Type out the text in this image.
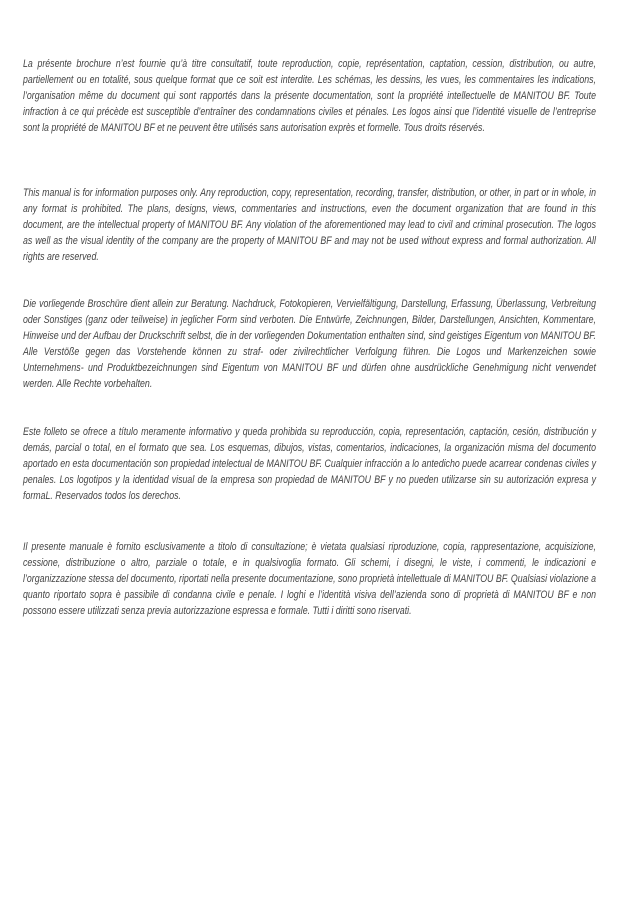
La présente brochure n’est fournie qu’à titre consultatif, toute reproduction, copie, représentation, captation, cession, distribution, ou autre, partiellement ou en totalité, sous quelque format que ce soit est interdite. Les schémas, les dessins, les vues, les commentaires les indications, l’organisation même du document qui sont rapportés dans la présente documentation, sont la propriété intellectuelle de MANITOU BF. Toute infraction à ce qui précède est susceptible d’entraîner des condamnations civiles et pénales. Les logos ainsi que l’identité visuelle de l’entreprise sont la propriété de MANITOU BF et ne peuvent être utilisés sans autorisation exprès et formelle. Tous droits réservés.

This manual is for information purposes only. Any reproduction, copy, representation, recording, transfer, distribution, or other, in part or in whole, in any format is prohibited. The plans, designs, views, commentaries and instructions, even the document organization that are found in this document, are the intellectual property of MANITOU BF. Any violation of the aforementioned may lead to civil and criminal prosecution. The logos as well as the visual identity of the company are the property of MANITOU BF and may not be used without express and formal authorization. All rights are reserved.

Die vorliegende Broschüre dient allein zur Beratung. Nachdruck, Fotokopieren, Vervielfältigung, Darstellung, Erfassung, Überlassung, Verbreitung oder Sonstiges (ganz oder teilweise) in jeglicher Form sind verboten. Die Entwürfe, Zeichnungen, Bilder, Darstellungen, Ansichten, Kommentare, Hinweise und der Aufbau der Druckschrift selbst, die in der vorliegenden Dokumentation enthalten sind, sind geistiges Eigentum von MANITOU BF. Alle Verstöße gegen das Vorstehende können zu straf- oder zivilrechtlicher Verfolgung führen. Die Logos und Markenzeichen sowie Unternehmens- und Produktbezeichnungen sind Eigentum von MANITOU BF und dürfen ohne ausdrückliche Genehmigung nicht verwendet werden. Alle Rechte vorbehalten.

Este folleto se ofrece a título meramente informativo y queda prohibida su reproducción, copia, representación, captación, cesión, distribución y demás, parcial o total, en el formato que sea. Los esquemas, dibujos, vistas, comentarios, indicaciones, la organización misma del documento aportado en esta documentación son propiedad intelectual de MANITOU BF. Cualquier infracción a lo antedicho puede acarrear condenas civiles y penales. Los logotipos y la identidad visual de la empresa son propiedad de MANITOU BF y no pueden utilizarse sin su autorización expresa y formaL. Reservados todos los derechos.

Il presente manuale è fornito esclusivamente a titolo di consultazione; è vietata qualsiasi riproduzione, copia, rappresentazione, acquisizione, cessione, distribuzione o altro, parziale o totale, e in qualsivoglia formato. Gli schemi, i disegni, le viste, i commenti, le indicazioni e l’organizzazione stessa del documento, riportati nella presente documentazione, sono proprietà intellettuale di MANITOU BF. Qualsiasi violazione a quanto riportato sopra è passibile di condanna civile e penale. I loghi e l’identità visiva dell’azienda sono di proprietà di MANITOU BF e non possono essere utilizzati senza previa autorizzazione espressa e formale. Tutti i diritti sono riservati.
